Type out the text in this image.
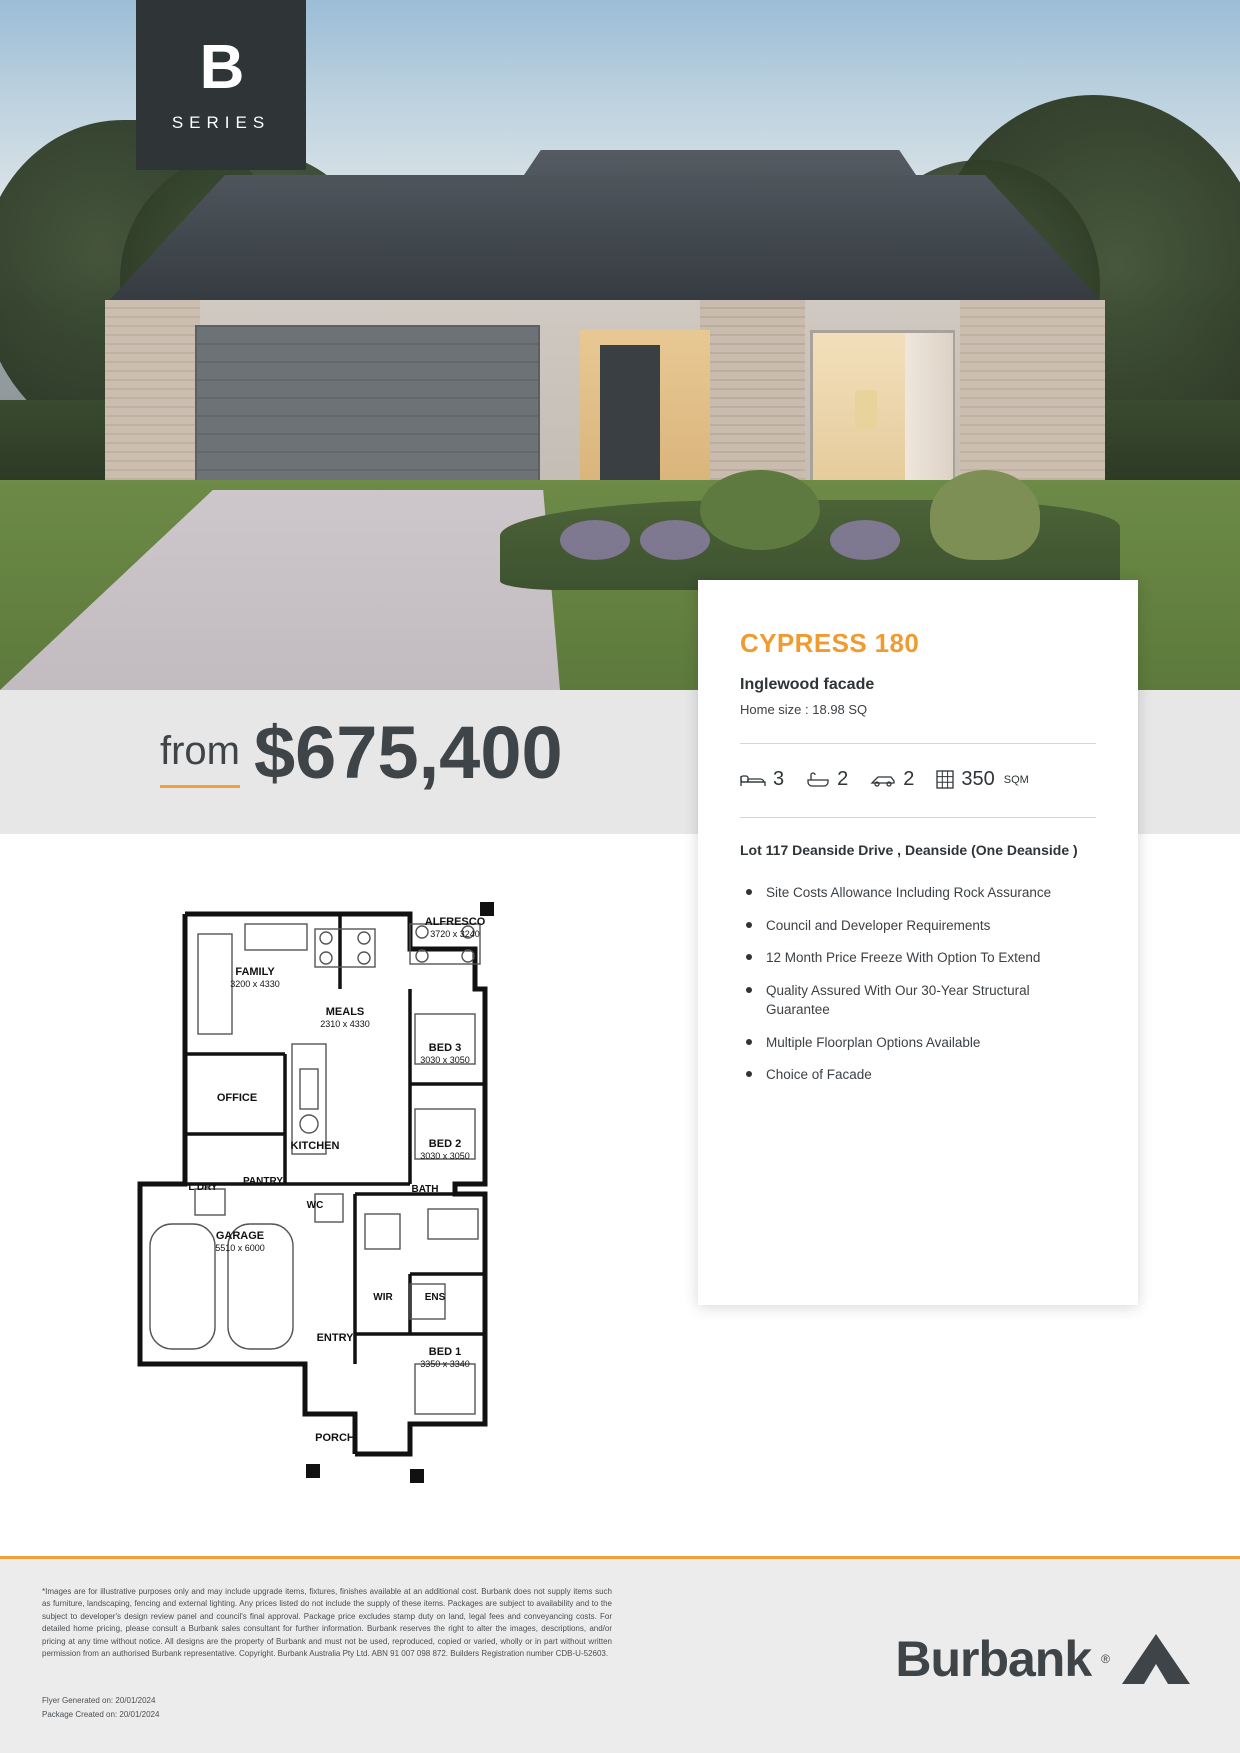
B
SERIES
from $675,400
CYPRESS 180
Inglewood facade
Home size : 18.98 SQ
3	2	2 350 SQM
Lot 117 Deanside Drive , Deanside (One Deanside )
Site Costs Allowance Including Rock Assurance
Council and Developer Requirements
12 Month Price Freeze With Option To Extend
Quality Assured With Our 30-Year Structural Guarantee
Multiple Floorplan Options Available
Choice of Facade
ALFRESCO
3720 x 3240
FAMILY
3200 x 4330
MEALS
2310 x 4330
BED 3
3030 x 3050
OFFICE
KITCHEN	BED 2
3030 x 3050
L'DRY
PANTRY
WC
BATH
GARAGE
5510 x 6000
WIR	ENS
ENTRY
BED 1
3350 x 3340
PORCH
*Images are for illustrative purposes only and may include upgrade items, fixtures, finishes available at an additional cost. Burbank does not supply items such as furniture, landscaping, fencing and external lighting. Any prices listed do not include the supply of these items. Packages are subject to availability and to the subject to developer's design review panel and council's final approval. Package price excludes stamp duty on land, legal fees and conveyancing costs. For detailed home pricing, please consult a Burbank sales consultant for further information. Burbank reserves the right to alter the images, descriptions, and/or pricing at any time without notice. All designs are the property of Burbank and must not be used, reproduced, copied or varied, wholly or in part without written permission from an authorised Burbank representative. Copyright. Burbank Australia Pty Ltd. ABN 91 007 098 872. Builders Registration number CDB-U-52603.
Flyer Generated on: 20/01/2024
Package Created on: 20/01/2024
Burbank ®
